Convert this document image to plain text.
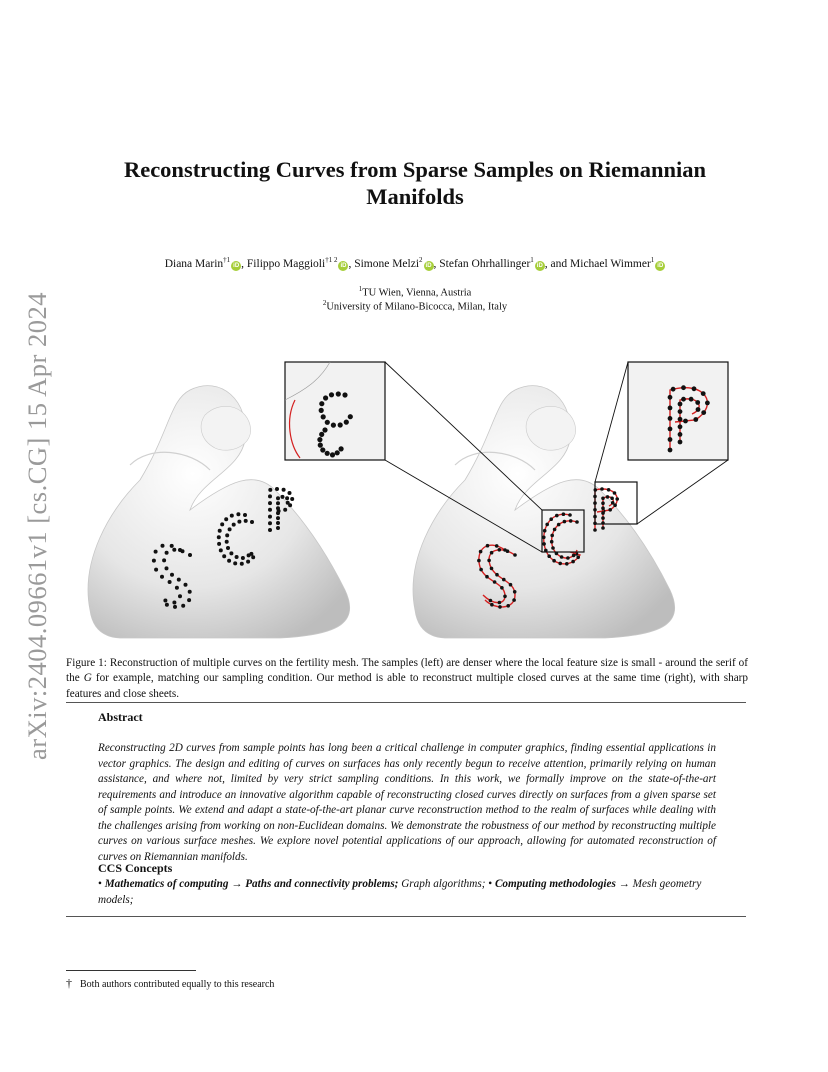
arXiv:2404.09661v1 [cs.CG] 15 Apr 2024
Reconstructing Curves from Sparse Samples on Riemannian
Manifolds
Diana Marin$^{\dagger 1}$iD , Filippo Maggioli$^{\dagger 1 2}$iD , Simone Melzi$^2$iD , Stefan Ohrhallinger$^1$iD , and Michael Wimmer$^1$iD
$^1$TU Wien, Vienna, Austria
$^2$University of Milano-Bicocca, Milan, Italy
Figure 1: Reconstruction of multiple curves on the fertility mesh. The samples (left) are denser where the local feature size is small - around the serif of the G for example, matching our sampling condition. Our method is able to reconstruct multiple closed curves at the same time (right), with sharp features and close sheets.
Abstract
Reconstructing 2D curves from sample points has long been a critical challenge in computer graphics, finding essential applications in vector graphics. The design and editing of curves on surfaces has only recently begun to receive attention, primarily relying on human assistance, and where not, limited by very strict sampling conditions. In this work, we formally improve on the state-of-the-art requirements and introduce an innovative algorithm capable of reconstructing closed curves directly on surfaces from a given sparse set of sample points. We extend and adapt a state-of-the-art planar curve reconstruction method to the realm of surfaces while dealing with the challenges arising from working on non-Euclidean domains. We demonstrate the robustness of our method by reconstructing multiple curves on various surface meshes. We explore novel potential applications of our approach, allowing for automated reconstruction of curves on Riemannian manifolds.
CCS Concepts
• Mathematics of computing → Paths and connectivity problems; Graph algorithms; • Computing methodologies → Mesh geometry models;
† Both authors contributed equally to this research
